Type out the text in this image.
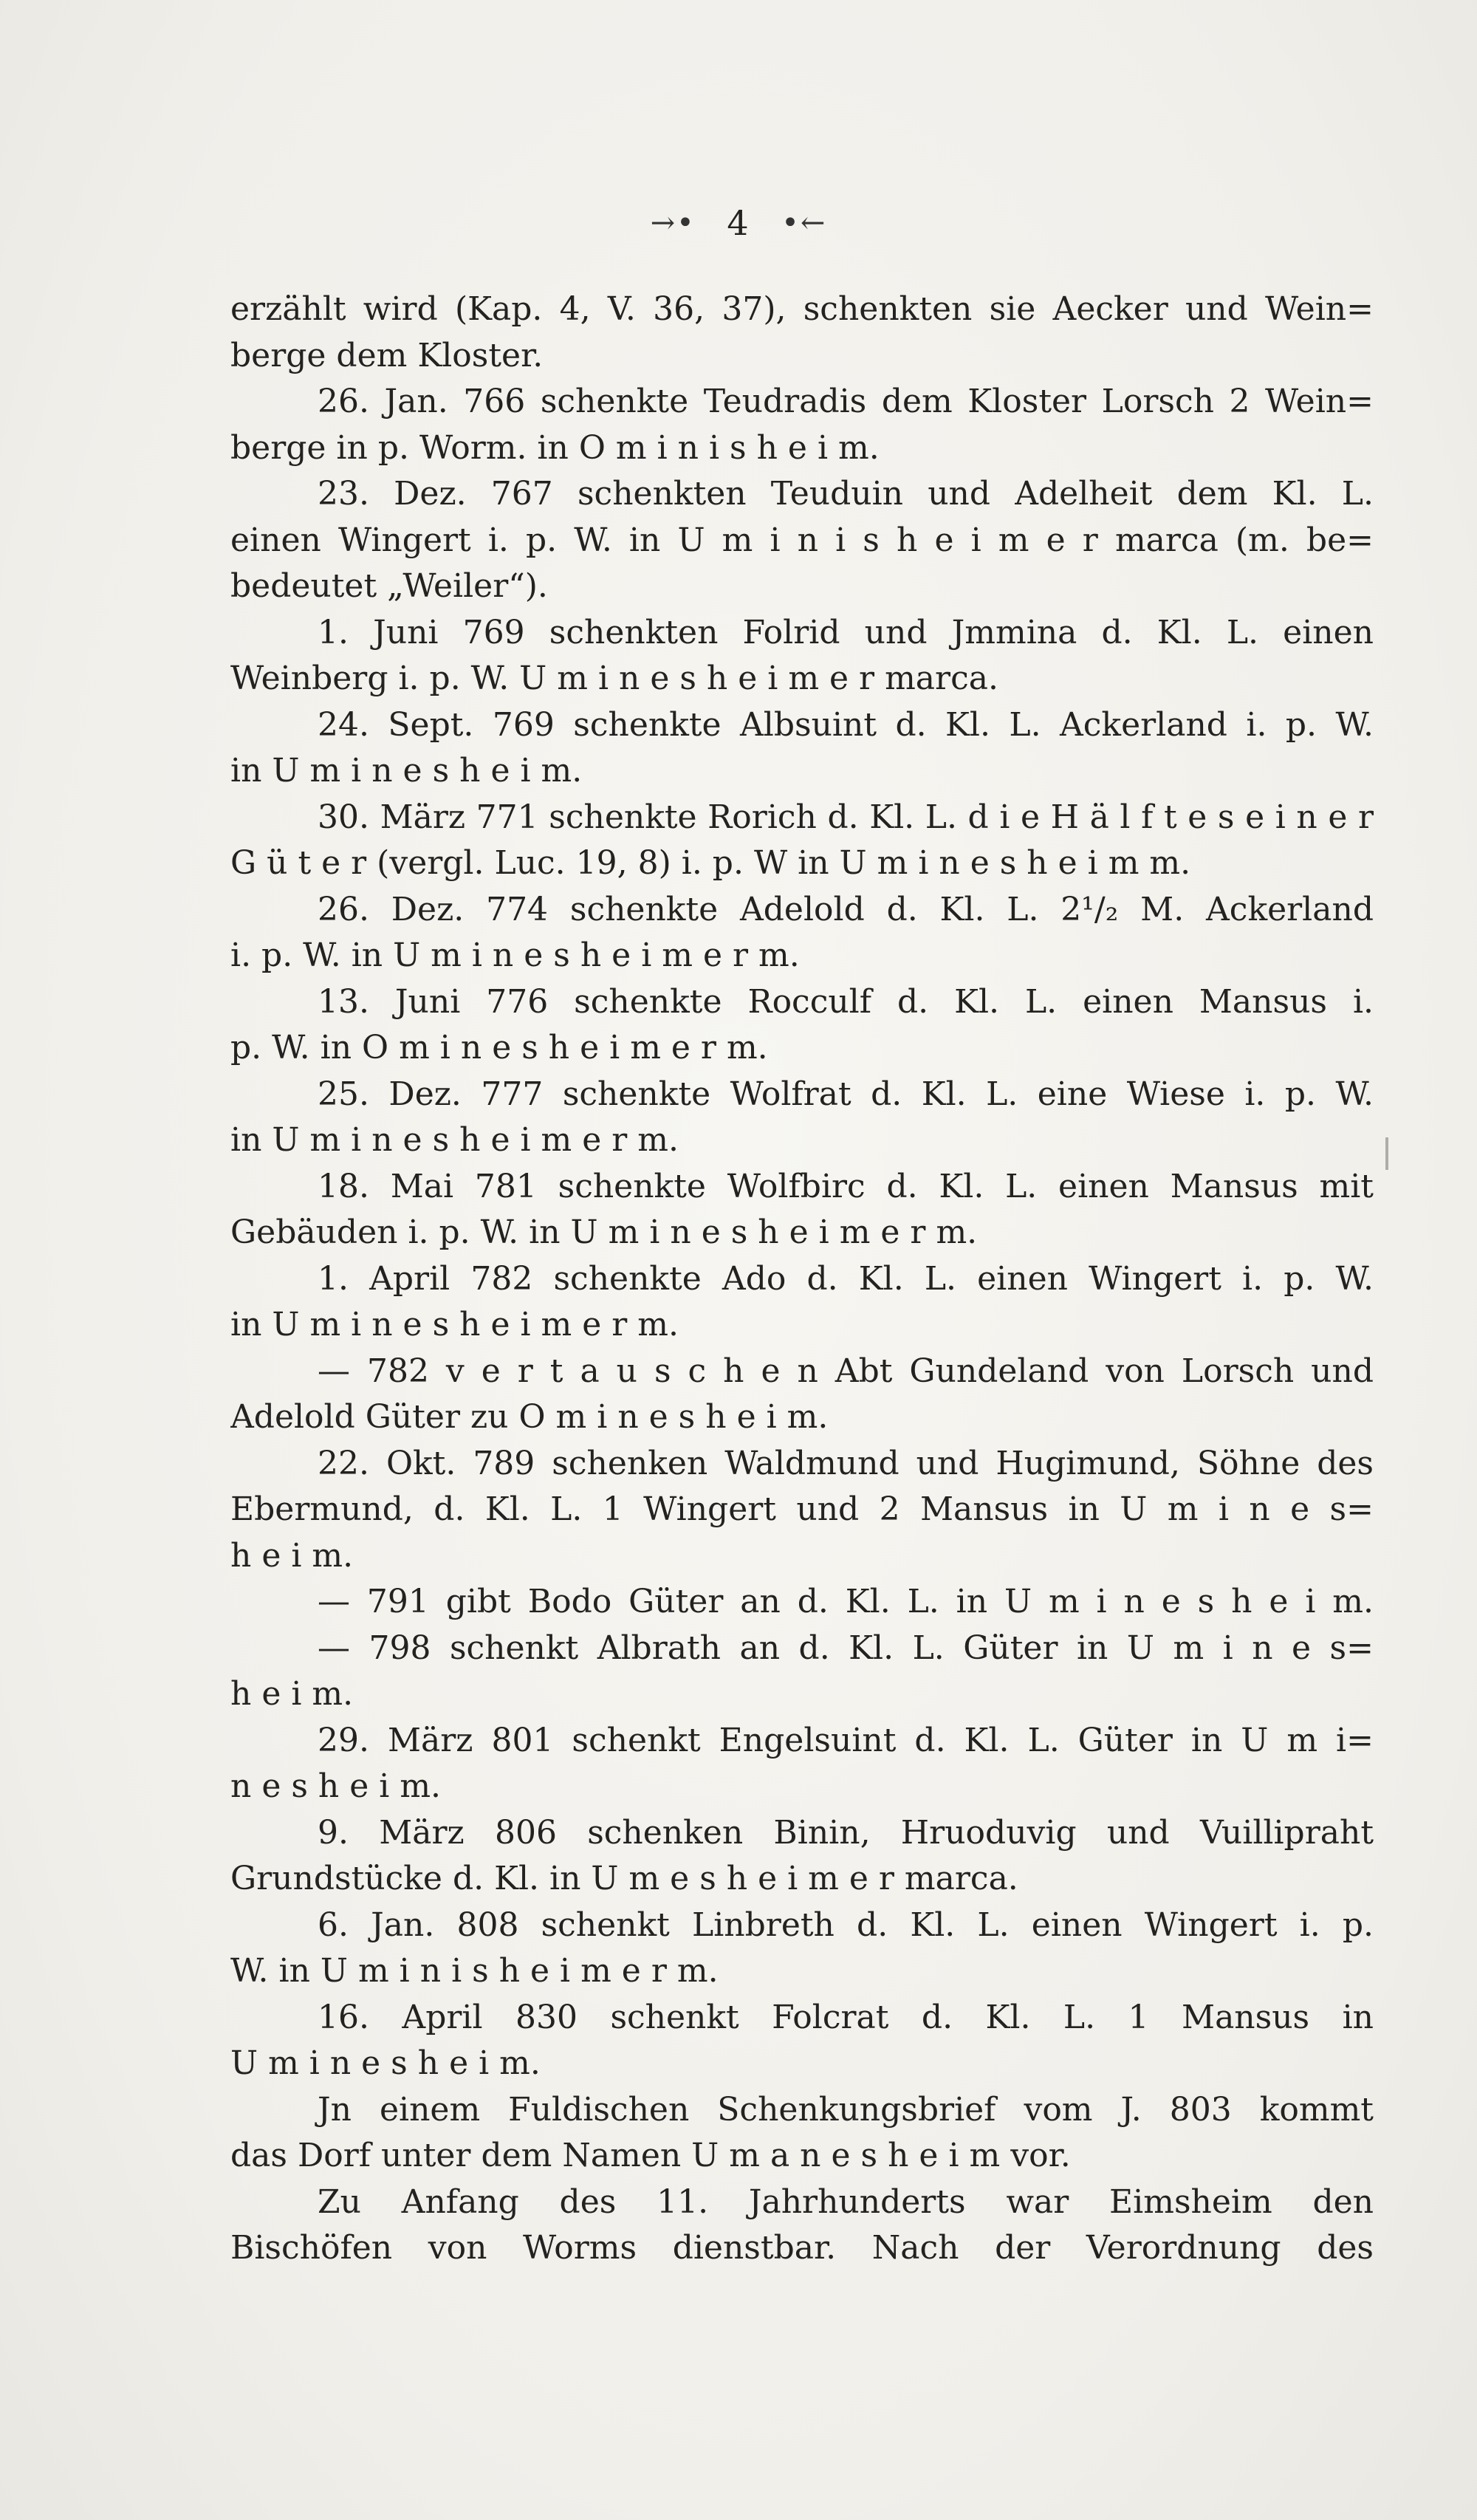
→• 4 •←
erzählt wird (Kap. 4, V. 36, 37), schenkten sie Aecker und Wein=
berge dem Kloster.
26. Jan. 766 schenkte Teudradis dem Kloster Lorsch 2 Wein=
berge in p. Worm. in O m i n i s h e i m.
23. Dez. 767 schenkten Teuduin und Adelheit dem Kl. L.
einen Wingert i. p. W. in U m i n i s h e i m e r marca (m. be=
bedeutet „Weiler“).
1. Juni 769 schenkten Folrid und Jmmina d. Kl. L. einen
Weinberg i. p. W. U m i n e s h e i m e r marca.
24. Sept. 769 schenkte Albsuint d. Kl. L. Ackerland i. p. W.
in U m i n e s h e i m.
30. März 771 schenkte Rorich d. Kl. L. d i e H ä l f t e s e i n e r
G ü t e r (vergl. Luc. 19, 8) i. p. W in U m i n e s h e i m m.
26. Dez. 774 schenkte Adelold d. Kl. L. 2¹/₂ M. Ackerland
i. p. W. in U m i n e s h e i m e r m.
13. Juni 776 schenkte Rocculf d. Kl. L. einen Mansus i.
p. W. in O m i n e s h e i m e r m.
25. Dez. 777 schenkte Wolfrat d. Kl. L. eine Wiese i. p. W.
in U m i n e s h e i m e r m.
18. Mai 781 schenkte Wolfbirc d. Kl. L. einen Mansus mit
Gebäuden i. p. W. in U m i n e s h e i m e r m.
1. April 782 schenkte Ado d. Kl. L. einen Wingert i. p. W.
in U m i n e s h e i m e r m.
— 782 v e r t a u s c h e n Abt Gundeland von Lorsch und
Adelold Güter zu O m i n e s h e i m.
22. Okt. 789 schenken Waldmund und Hugimund, Söhne des
Ebermund, d. Kl. L. 1 Wingert und 2 Mansus in U m i n e s=
h e i m.
— 791 gibt Bodo Güter an d. Kl. L. in U m i n e s h e i m.
— 798 schenkt Albrath an d. Kl. L. Güter in U m i n e s=
h e i m.
29. März 801 schenkt Engelsuint d. Kl. L. Güter in U m i=
n e s h e i m.
9. März 806 schenken Binin, Hruoduvig und Vuillipraht
Grundstücke d. Kl. in U m e s h e i m e r marca.
6. Jan. 808 schenkt Linbreth d. Kl. L. einen Wingert i. p.
W. in U m i n i s h e i m e r m.
16. April 830 schenkt Folcrat d. Kl. L. 1 Mansus in
U m i n e s h e i m.
Jn einem Fuldischen Schenkungsbrief vom J. 803 kommt
das Dorf unter dem Namen U m a n e s h e i m vor.
Zu Anfang des 11. Jahrhunderts war Eimsheim den
Bischöfen von Worms dienstbar. Nach der Verordnung des
